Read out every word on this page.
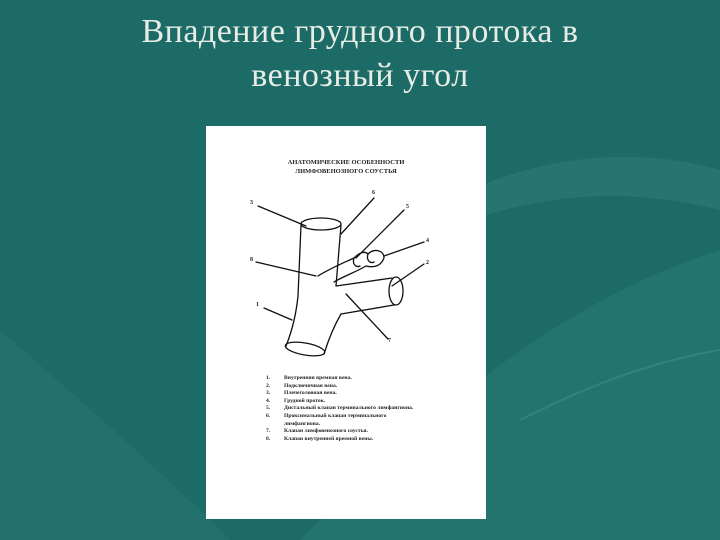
Впадение грудного протока в
венозный угол
АНАТОМИЧЕСКИЕ ОСОБЕННОСТИ
ЛИМФОВЕНОЗНОГО СОУСТЬЯ
3
6
5
4
2
8
1
7
1.	Внутренняя яремная вена.
2.	Подключичная вена.
3.	Плечеголовная вена.
4.	Грудной проток.
5.	Дистальный клапан терминального лимфангиона.
6.	Проксимальный клапан терминального
лимфангиона.
7.	Клапан лимфовенозного соустья.
8.	Клапан внутренней яремной вены.
